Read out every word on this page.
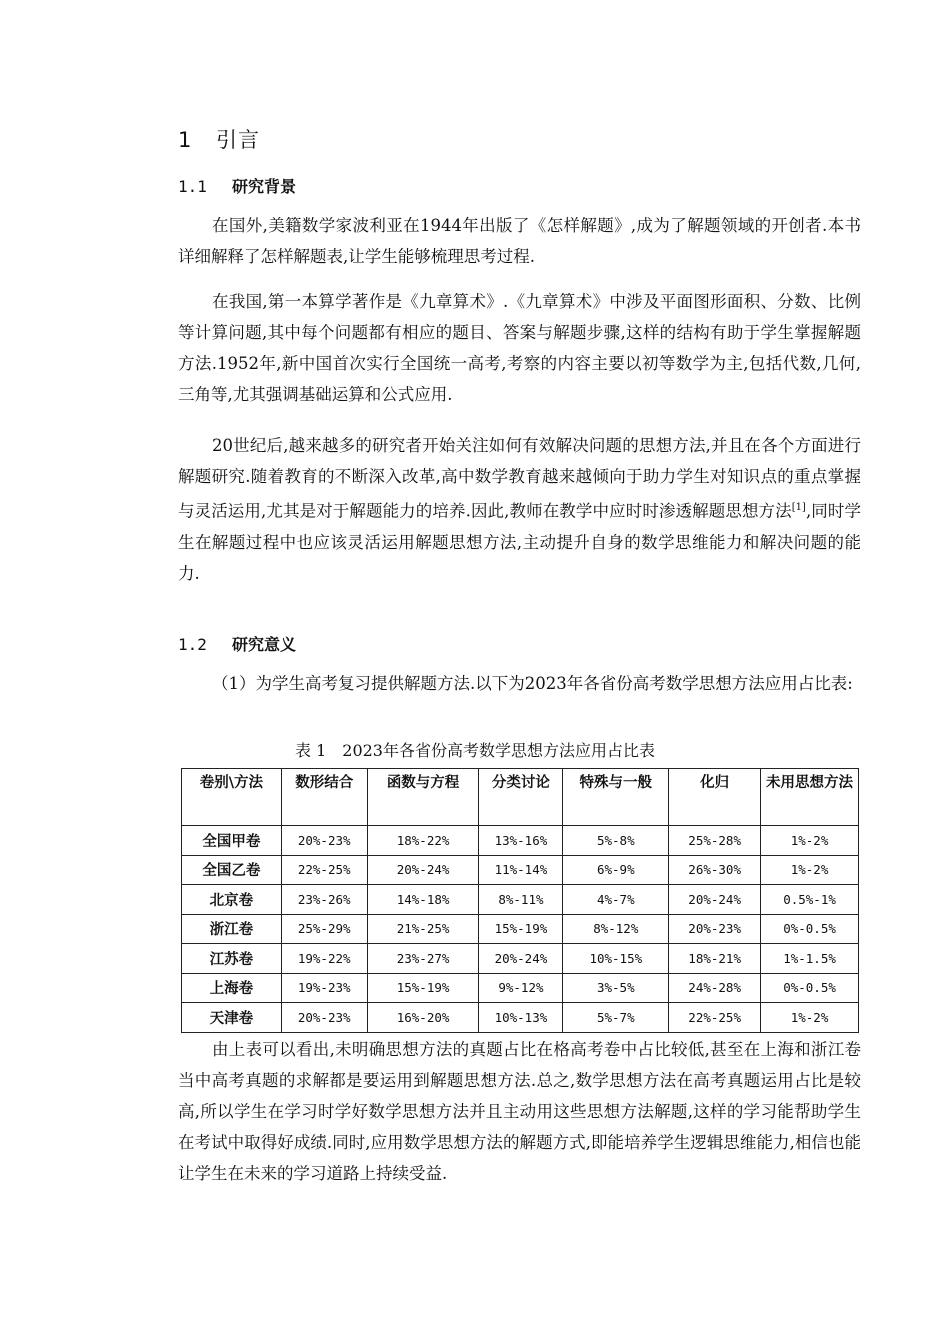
1 引言
1.1 研究背景

在国外,美籍数学家波利亚在1944年出版了《怎样解题》,成为了解题领域的开创者.本书详细解释了怎样解题表,让学生能够梳理思考过程.

在我国,第一本算学著作是《九章算术》.《九章算术》中涉及平面图形面积、分数、比例等计算问题,其中每个问题都有相应的题目、答案与解题步骤,这样的结构有助于学生掌握解题方法.1952年,新中国首次实行全国统一高考,考察的内容主要以初等数学为主,包括代数,几何,三角等,尤其强调基础运算和公式应用.

20世纪后,越来越多的研究者开始关注如何有效解决问题的思想方法,并且在各个方面进行解题研究.随着教育的不断深入改革,高中数学教育越来越倾向于助力学生对知识点的重点掌握与灵活运用,尤其是对于解题能力的培养.因此,教师在教学中应时时渗透解题思想方法[1],同时学生在解题过程中也应该灵活运用解题思想方法,主动提升自身的数学思维能力和解决问题的能力.

1.2 研究意义

（1）为学生高考复习提供解题方法.以下为2023年各省份高考数学思想方法应用占比表:

表 1　2023年各省份高考数学思想方法应用占比表
卷别\方法	数形结合	函数与方程	分类讨论	特殊与一般	化归	未用思想方法
全国甲卷	20%-23%	18%-22%	13%-16%	5%-8%	25%-28%	1%-2%
全国乙卷	22%-25%	20%-24%	11%-14%	6%-9%	26%-30%	1%-2%
北京卷	23%-26%	14%-18%	8%-11%	4%-7%	20%-24%	0.5%-1%
浙江卷	25%-29%	21%-25%	15%-19%	8%-12%	20%-23%	0%-0.5%
江苏卷	19%-22%	23%-27%	20%-24%	10%-15%	18%-21%	1%-1.5%
上海卷	19%-23%	15%-19%	9%-12%	3%-5%	24%-28%	0%-0.5%
天津卷	20%-23%	16%-20%	10%-13%	5%-7%	22%-25%	1%-2%

由上表可以看出,未明确思想方法的真题占比在格高考卷中占比较低,甚至在上海和浙江卷当中高考真题的求解都是要运用到解题思想方法.总之,数学思想方法在高考真题运用占比是较高,所以学生在学习时学好数学思想方法并且主动用这些思想方法解题,这样的学习能帮助学生在考试中取得好成绩.同时,应用数学思想方法的解题方式,即能培养学生逻辑思维能力,相信也能让学生在未来的学习道路上持续受益.
